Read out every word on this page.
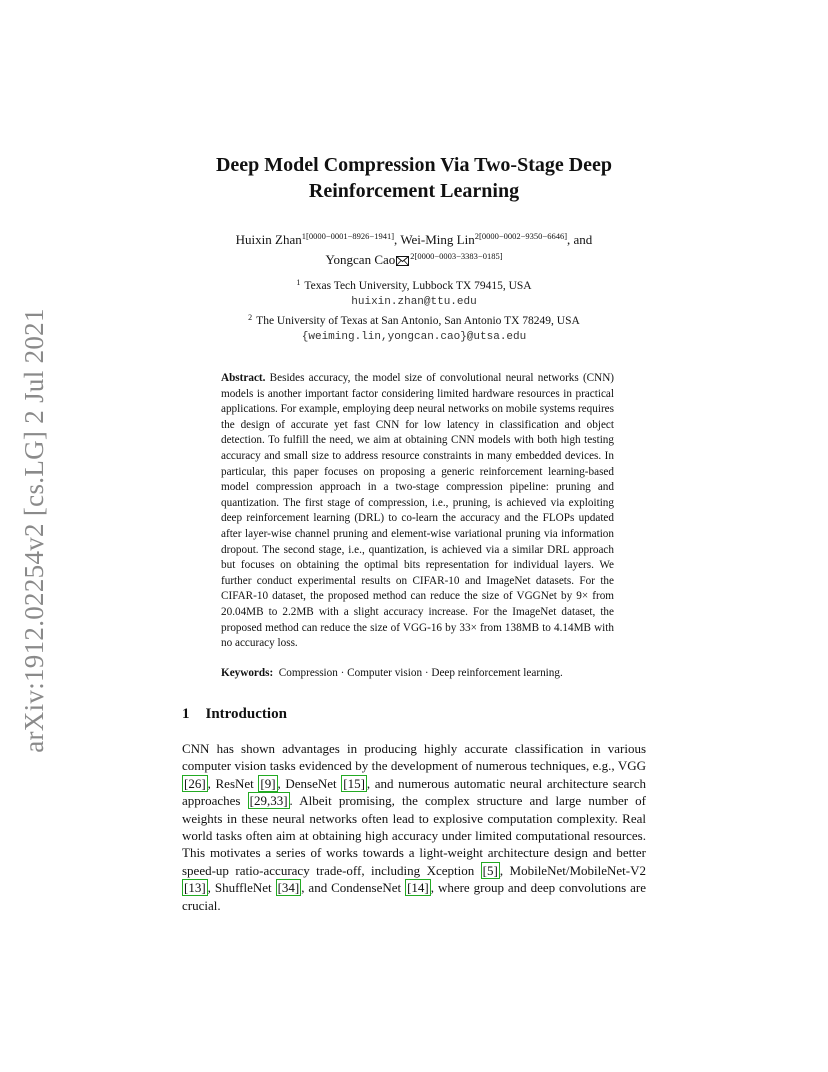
arXiv:1912.02254v2 [cs.LG] 2 Jul 2021
Deep Model Compression Via Two-Stage Deep Reinforcement Learning
Huixin Zhan$^{1[0000-0001-8926-1941]}$, Wei-Ming Lin$^{2[0000-0002-9350-6646]}$, and
Yongcan Cao $^{2[0000-0003-3383-0185]}$
$^1$ Texas Tech University, Lubbock TX 79415, USA
huixin.zhan@ttu.edu
$^2$ The University of Texas at San Antonio, San Antonio TX 78249, USA
{weiming.lin,yongcan.cao}@utsa.edu
Abstract. Besides accuracy, the model size of convolutional neural networks (CNN) models is another important factor considering limited hardware resources in practical applications. For example, employing deep neural networks on mobile systems requires the design of accurate yet fast CNN for low latency in classification and object detection. To fulfill the need, we aim at obtaining CNN models with both high testing accuracy and small size to address resource constraints in many embedded devices. In particular, this paper focuses on proposing a generic reinforcement learning-based model compression approach in a two-stage compression pipeline: pruning and quantization. The first stage of compression, i.e., pruning, is achieved via exploiting deep reinforcement learning (DRL) to co-learn the accuracy and the FLOPs updated after layer-wise channel pruning and element-wise variational pruning via information dropout. The second stage, i.e., quantization, is achieved via a similar DRL approach but focuses on obtaining the optimal bits representation for individual layers. We further conduct experimental results on CIFAR-10 and ImageNet datasets. For the CIFAR-10 dataset, the proposed method can reduce the size of VGGNet by 9× from 20.04MB to 2.2MB with a slight accuracy increase. For the ImageNet dataset, the proposed method can reduce the size of VGG-16 by 33× from 138MB to 4.14MB with no accuracy loss.
Keywords: Compression · Computer vision · Deep reinforcement learning.
1 Introduction
CNN has shown advantages in producing highly accurate classification in various computer vision tasks evidenced by the development of numerous techniques, e.g., VGG [26] , ResNet [9] , DenseNet [15] , and numerous automatic neural architecture search approaches [29,33] . Albeit promising, the complex structure and large number of weights in these neural networks often lead to explosive computation complexity. Real world tasks often aim at obtaining high accuracy under limited computational resources. This motivates a series of works towards a light-weight architecture design and better speed-up ratio-accuracy trade-off, including Xception [5] , MobileNet/MobileNet-V2 [13] , ShuffleNet [34] , and CondenseNet [14] , where group and deep convolutions are crucial.
